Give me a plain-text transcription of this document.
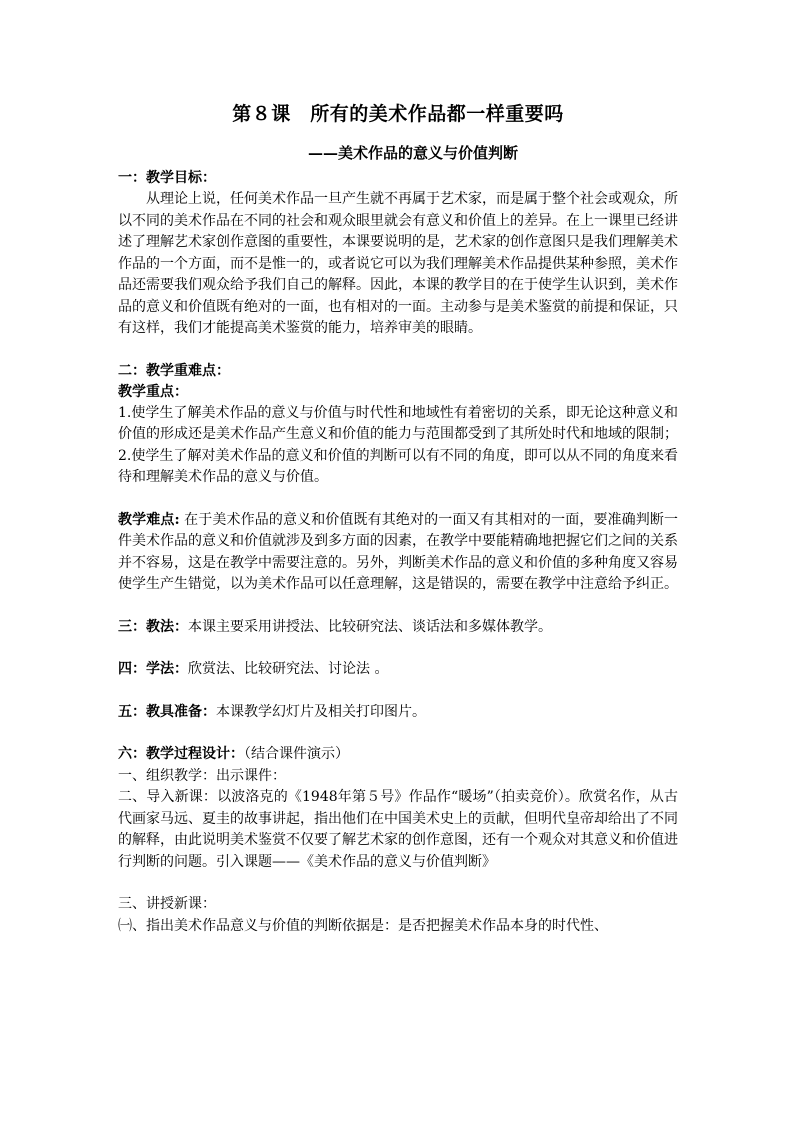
第８课　所有的美术作品都一样重要吗
——美术作品的意义与价值判断
一：教学目标：

从理论上说，任何美术作品一旦产生就不再属于艺术家，而是属于整个社会或观众，所以不同的美术作品在不同的社会和观众眼里就会有意义和价值上的差异。在上一课里已经讲述了理解艺术家创作意图的重要性，本课要说明的是，艺术家的创作意图只是我们理解美术作品的一个方面，而不是惟一的，或者说它可以为我们理解美术作品提供某种参照，美术作品还需要我们观众给予我们自己的解释。因此，本课的教学目的在于使学生认识到，美术作品的意义和价值既有绝对的一面，也有相对的一面。主动参与是美术鉴赏的前提和保证，只有这样，我们才能提高美术鉴赏的能力，培养审美的眼睛。

二：教学重难点：
教学重点：

1.使学生了解美术作品的意义与价值与时代性和地域性有着密切的关系，即无论这种意义和价值的形成还是美术作品产生意义和价值的能力与范围都受到了其所处时代和地域的限制；

2.使学生了解对美术作品的意义和价值的判断可以有不同的角度，即可以从不同的角度来看待和理解美术作品的意义与价值。

教学难点: 在于美术作品的意义和价值既有其绝对的一面又有其相对的一面，要准确判断一件美术作品的意义和价值就涉及到多方面的因素，在教学中要能精确地把握它们之间的关系并不容易，这是在教学中需要注意的。另外，判断美术作品的意义和价值的多种角度又容易使学生产生错觉，以为美术作品可以任意理解，这是错误的，需要在教学中注意给予纠正。

三：教法：本课主要采用讲授法、比较研究法、谈话法和多媒体教学。

四：学法：欣赏法、比较研究法、讨论法 。

五：教具准备：本课教学幻灯片及相关打印图片。

六：教学过程设计：（结合课件演示）

一、组织教学：出示课件：

二、导入新课：以波洛克的《1948年第５号》作品作“暖场”（拍卖竞价）。欣赏名作，从古代画家马远、夏圭的故事讲起，指出他们在中国美术史上的贡献，但明代皇帝却给出了不同的解释，由此说明美术鉴赏不仅要了解艺术家的创作意图，还有一个观众对其意义和价值进行判断的问题。引入课题——《美术作品的意义与价值判断》

三、讲授新课：

㈠、指出美术作品意义与价值的判断依据是：是否把握美术作品本身的时代性、
